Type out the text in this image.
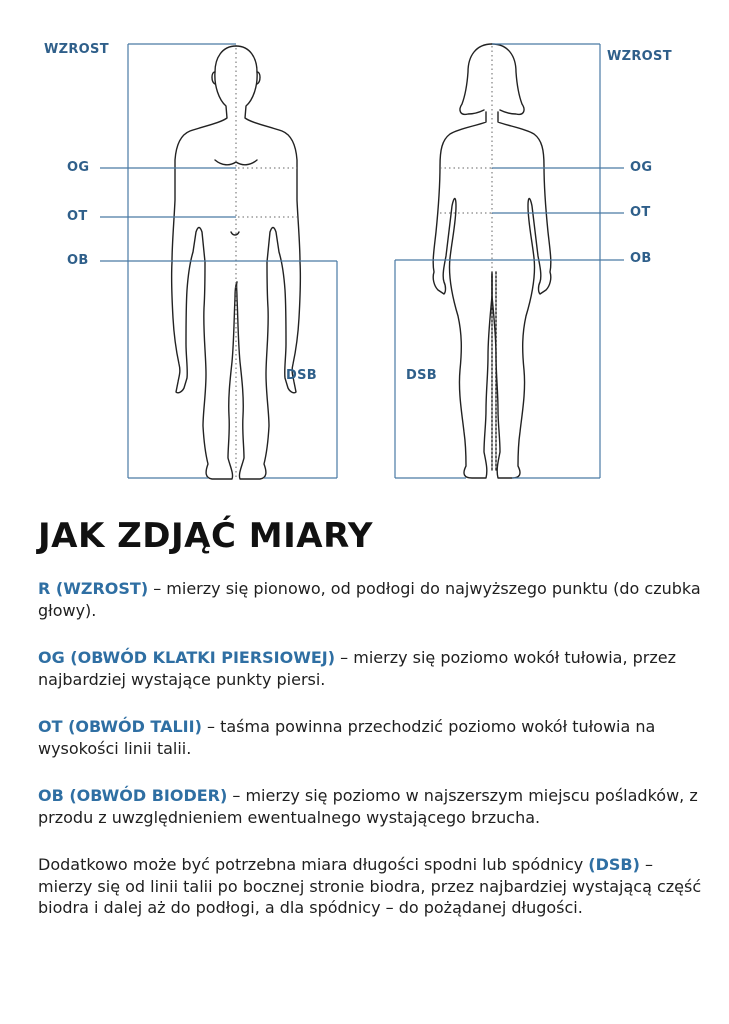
WZROST	WZROST
OG
OT
OB
OG
OT
OB
DSB	DSB
JAK ZDJĄĆ MIARY

R (WZROST) – mierzy się pionowo, od podłogi do najwyższego punktu (do czubka głowy).

OG (OBWÓD KLATKI PIERSIOWEJ) – mierzy się poziomo wokół tułowia, przez najbardziej wystające punkty piersi.

OT (OBWÓD TALII) – taśma powinna przechodzić poziomo wokół tułowia na wysokości linii talii.

OB (OBWÓD BIODER) – mierzy się poziomo w najszerszym miejscu pośladków, z przodu z uwzględnieniem ewentualnego wystającego brzucha.

Dodatkowo może być potrzebna miara długości spodni lub spódnicy (DSB) – mierzy się od linii talii po bocznej stronie biodra, przez najbardziej wystającą część biodra i dalej aż do podłogi, a dla spódnicy – do pożądanej długości.
